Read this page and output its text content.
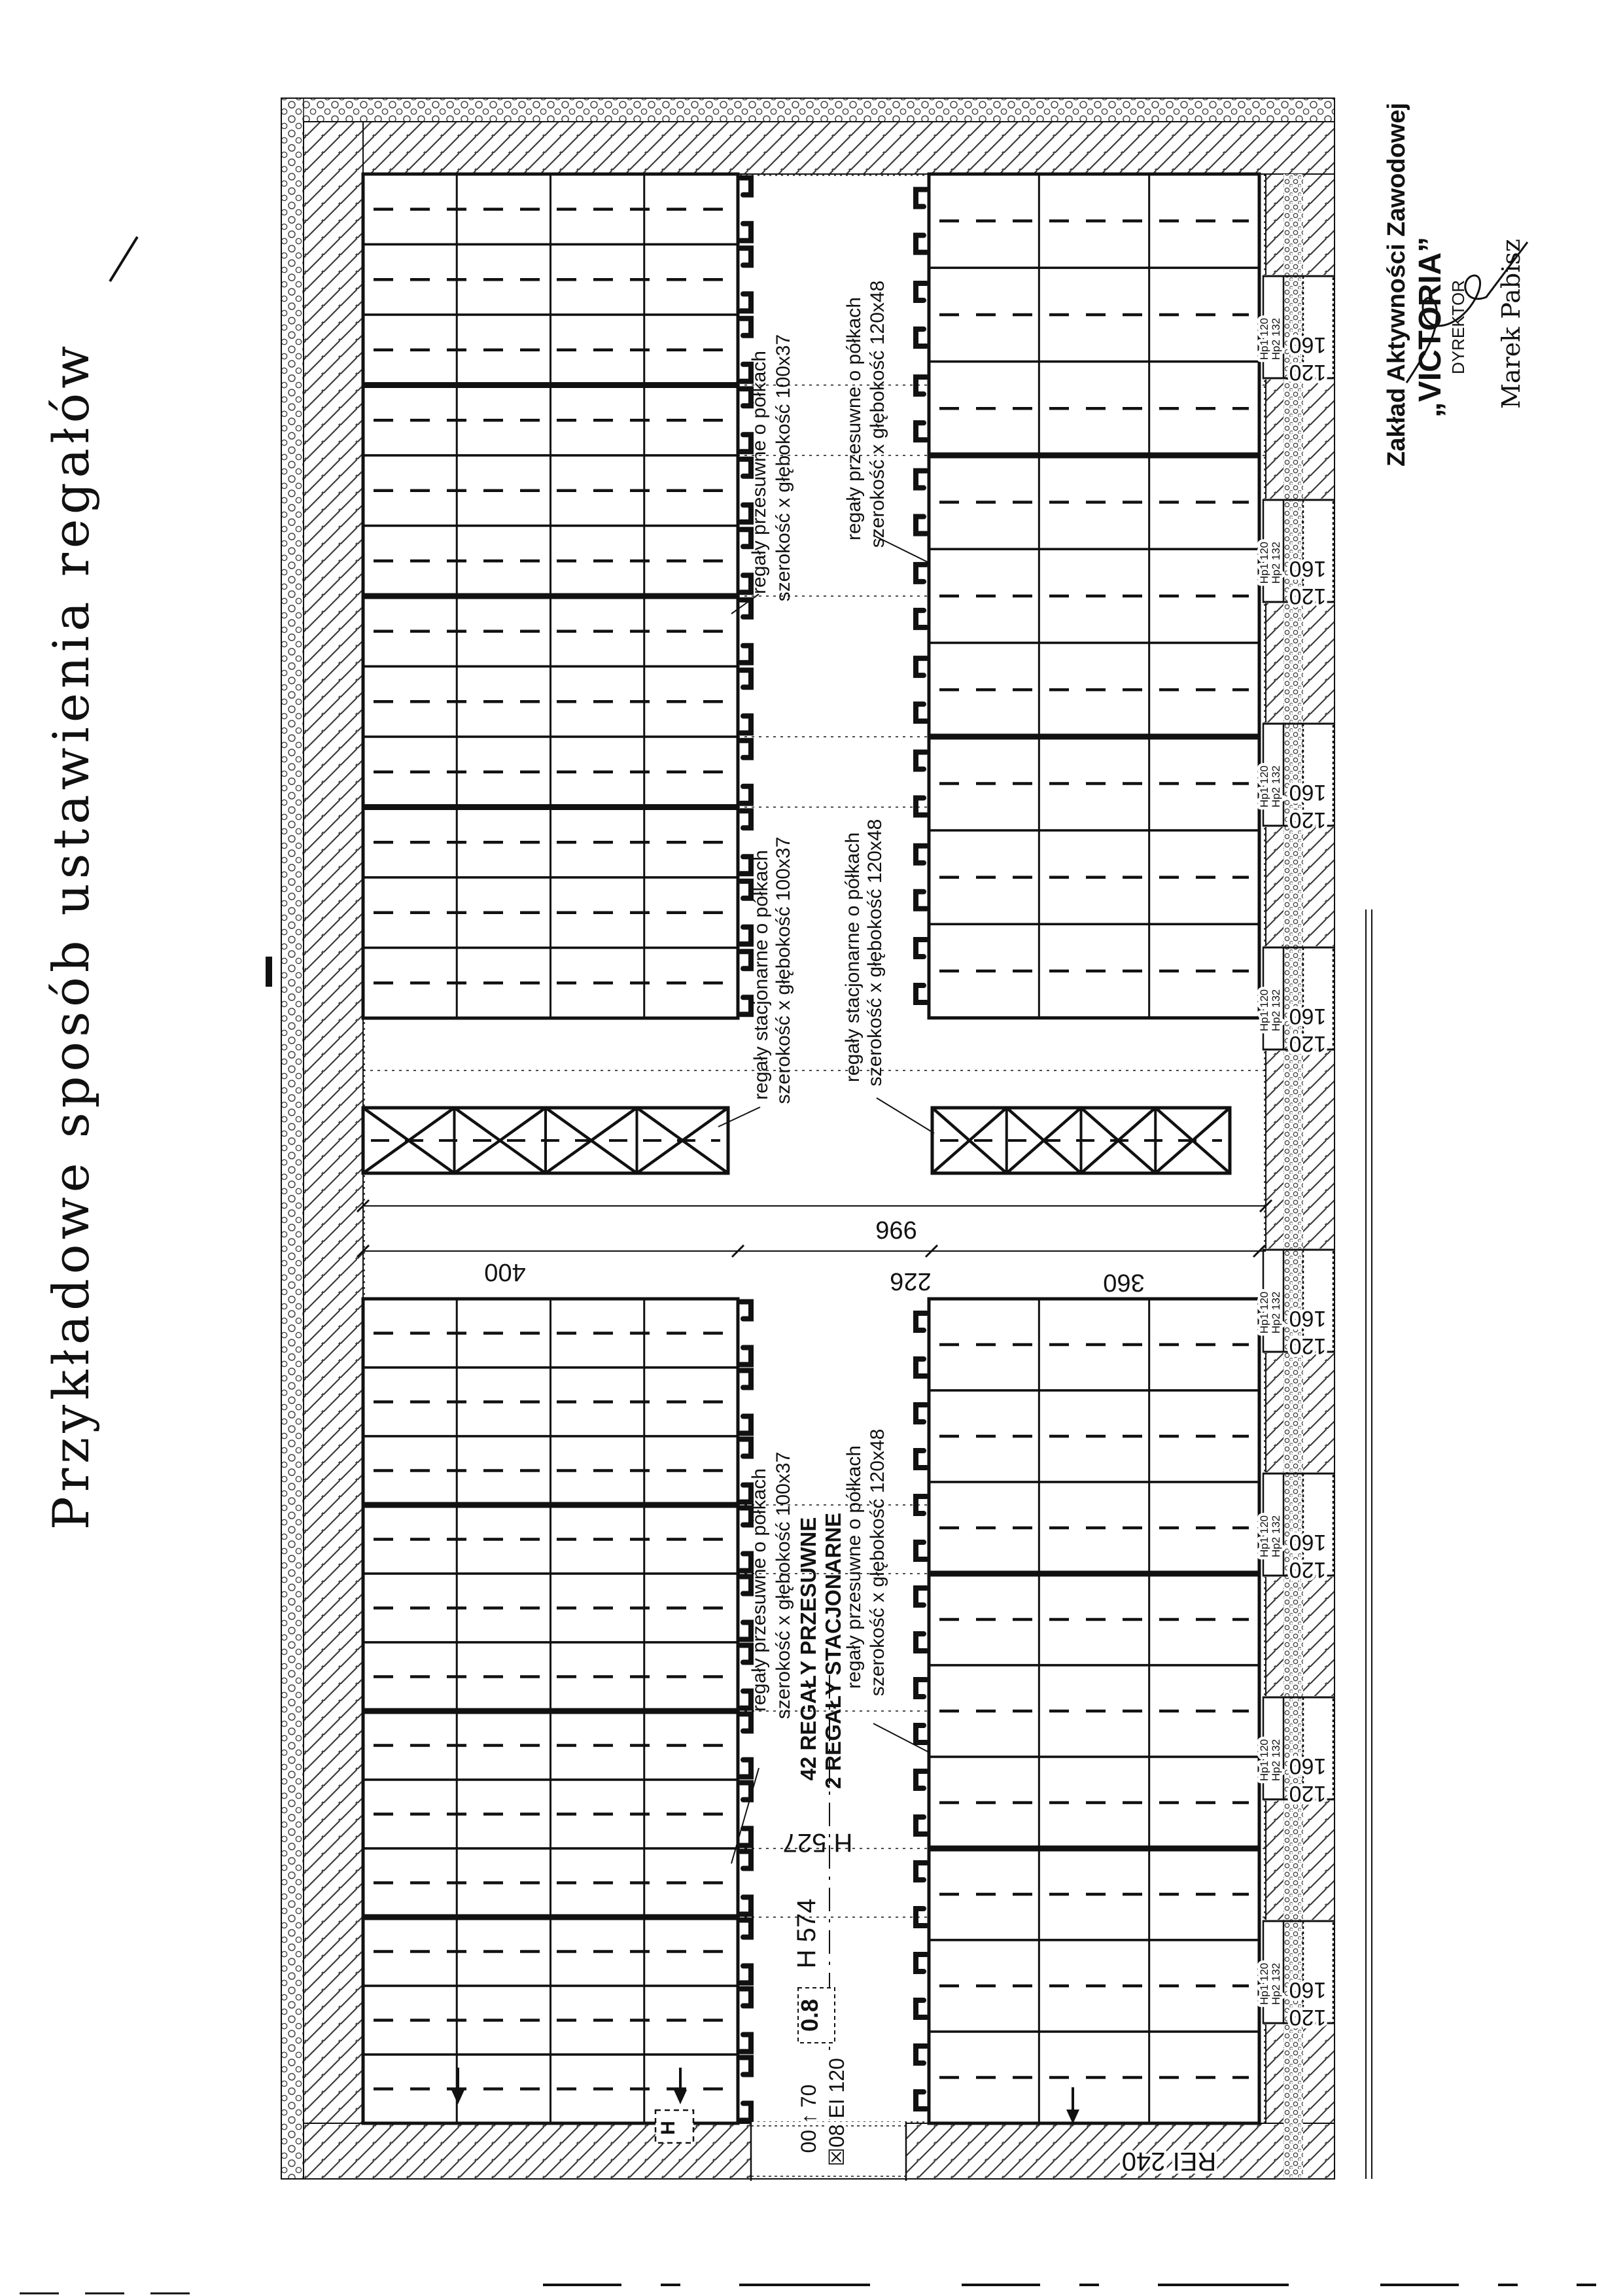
160
120
Hp1 120 Hp2 132
160
120
Hp1 120 Hp2 132
160
120
Hp1 120 Hp2 132
160
120
Hp1 120 Hp2 132
160
120
Hp1 120 Hp2 132
160
120
Hp1 120 Hp2 132
160
120
Hp1 120 Hp2 132
160
120
Hp1 120 Hp2 132
966
400	226	360
regały przesuwne o półkach szerokość x głębokość 100x37	regały przesuwne o półkach szerokość x głębokość 120x48
regały stacjonarne o półkach szerokość x głębokość 100x37 regały stacjonarne o półkach szerokość x głębokość 120x48
regały przesuwne o półkach szerokość x głębokość 100x37	regały przesuwne o półkach szerokość x głębokość 120x48
42 REGAŁY PRZESUWNE 2 REGAŁY STACJONARNE
H 527
H 574
0.8
00 ↑ 70 ☒08 EI 120	REI 240
H
Zakład Aktywności Zawodowej „VICTORIA” DYREKTOR Marek Pabisz
Przykładowe sposób ustawienia regałów
